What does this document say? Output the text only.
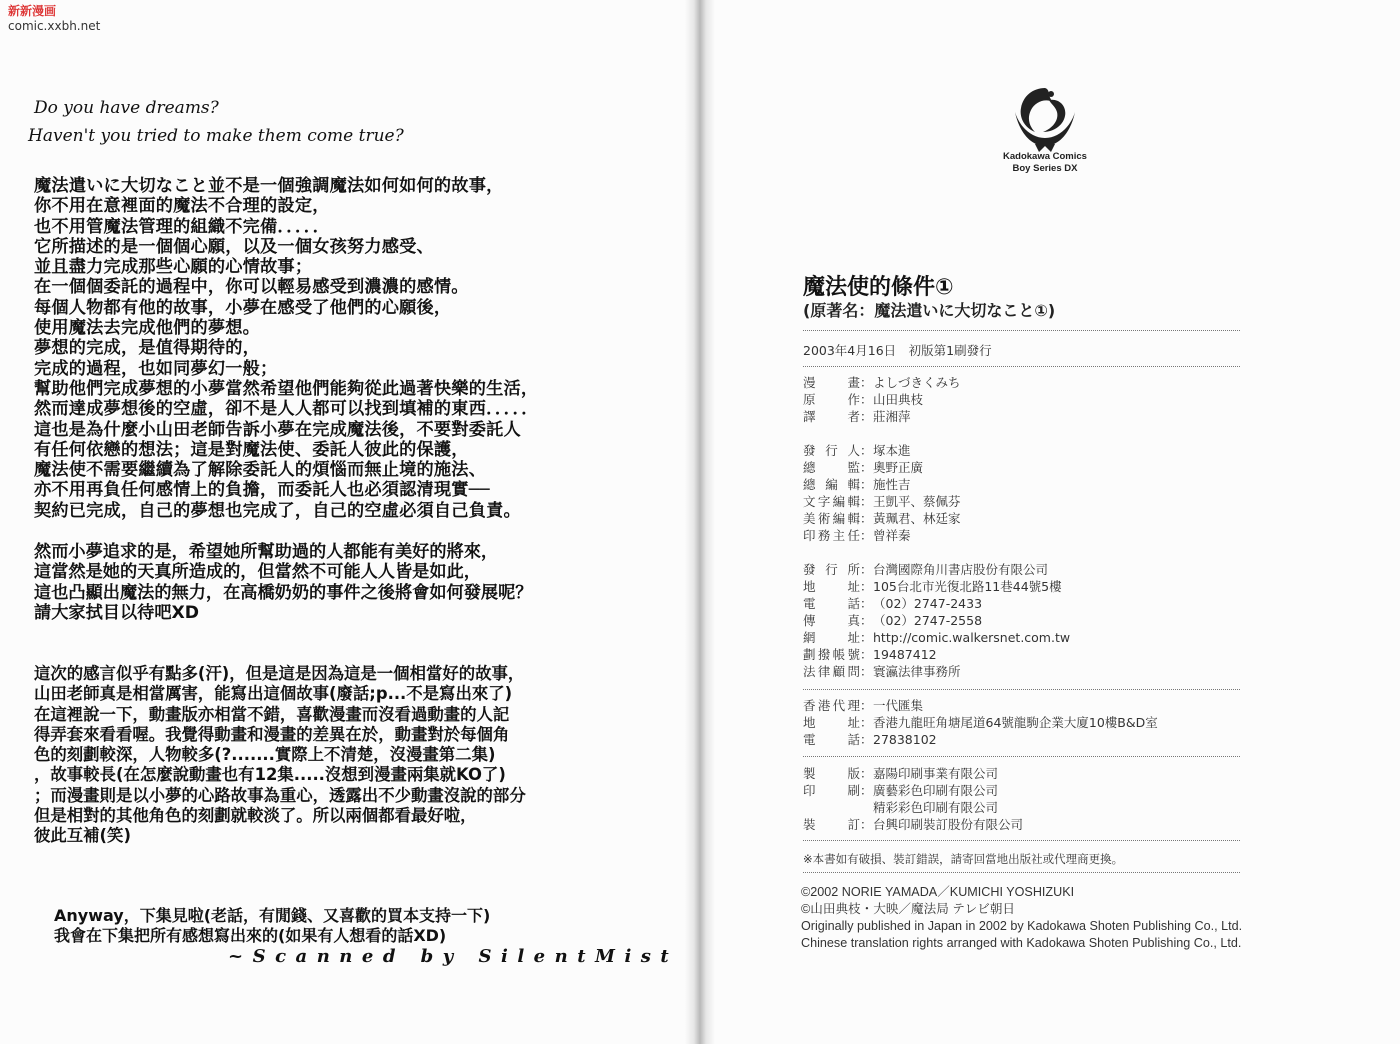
新新漫画
comic.xxbh.net
Do you have dreams?
Haven't you tried to make them come true?
魔法遣いに大切なこと並不是一個強調魔法如何如何的故事，
你不用在意裡面的魔法不合理的設定，
也不用管魔法管理的組織不完備．．．．．
它所描述的是一個個心願，以及一個女孩努力感受、
並且盡力完成那些心願的心情故事；
在一個個委託的過程中，你可以輕易感受到濃濃的感情。
每個人物都有他的故事，小夢在感受了他們的心願後，
使用魔法去完成他們的夢想。
夢想的完成，是值得期待的，
完成的過程，也如同夢幻一般；
幫助他們完成夢想的小夢當然希望他們能夠從此過著快樂的生活，
然而達成夢想後的空虛，卻不是人人都可以找到填補的東西．．．．．
這也是為什麼小山田老師告訴小夢在完成魔法後，不要對委託人
有任何依戀的想法；這是對魔法使、委託人彼此的保護，
魔法使不需要繼續為了解除委託人的煩惱而無止境的施法、
亦不用再負任何感情上的負擔，而委託人也必須認清現實──
契約已完成，自己的夢想也完成了，自己的空虛必須自己負責。
然而小夢追求的是，希望她所幫助過的人都能有美好的將來，
這當然是她的天真所造成的，但當然不可能人人皆是如此，
這也凸顯出魔法的無力，在高橋奶奶的事件之後將會如何發展呢？
請大家拭目以待吧XD
這次的感言似乎有點多(汗)，但是這是因為這是一個相當好的故事，
山田老師真是相當厲害，能寫出這個故事(廢話;p...不是寫出來了)
在這裡說一下，動畫版亦相當不錯，喜歡漫畫而沒看過動畫的人記
得弄套來看看喔。我覺得動畫和漫畫的差異在於，動畫對於每個角
色的刻劃較深，人物較多(?.......實際上不清楚，沒漫畫第二集)
，故事較長(在怎麼說動畫也有12集.....沒想到漫畫兩集就KO了)
；而漫畫則是以小夢的心路故事為重心，透露出不少動畫沒說的部分
但是相對的其他角色的刻劃就較淡了。所以兩個都看最好啦，
彼此互補(笑)
Anyway，下集見啦(老話，有閒錢、又喜歡的買本支持一下)
我會在下集把所有感想寫出來的(如果有人想看的話XD)
~Scanned by SilentMist
Kadokawa Comics
Boy Series DX
魔法使的條件①
(原著名：魔法遣いに大切なこと①)
2003年4月16日　初版第1刷發行
漫畫 ： よしづきくみち
原作 ： 山田典枝
譯者 ： 莊湘萍
發行人 ： 塚本進
總監 ： 奧野正廣
總編輯 ： 施性吉
文字編輯 ： 王凱平、蔡佩芬
美術編輯 ： 黃珮君、林廷家
印務主任 ： 曾祥秦
發行所 ： 台灣國際角川書店股份有限公司
地址 ： 105台北市光復北路11巷44號5樓
電話 ： （02）2747-2433
傳真 ： （02）2747-2558
網址 ： http://comic.walkersnet.com.tw
劃撥帳號 ： 19487412
法律顧問 ： 寰瀛法律事務所
香港代理 ： 一代匯集
地址 ： 香港九龍旺角塘尾道64號龍駒企業大廈10樓B&D室
電話 ： 27838102
製版 ： 嘉陽印刷事業有限公司
印刷 ： 廣藝彩色印刷有限公司
精彩彩色印刷有限公司
裝訂 ： 台興印刷裝訂股份有限公司
※本書如有破損、裝訂錯誤，請寄回當地出版社或代理商更換。
©2002 NORIE YAMADA／KUMICHI YOSHIZUKI
©山田典枝・大映／魔法局 テレビ朝日
Originally published in Japan in 2002 by Kadokawa Shoten Publishing Co., Ltd.
Chinese translation rights arranged with Kadokawa Shoten Publishing Co., Ltd.
